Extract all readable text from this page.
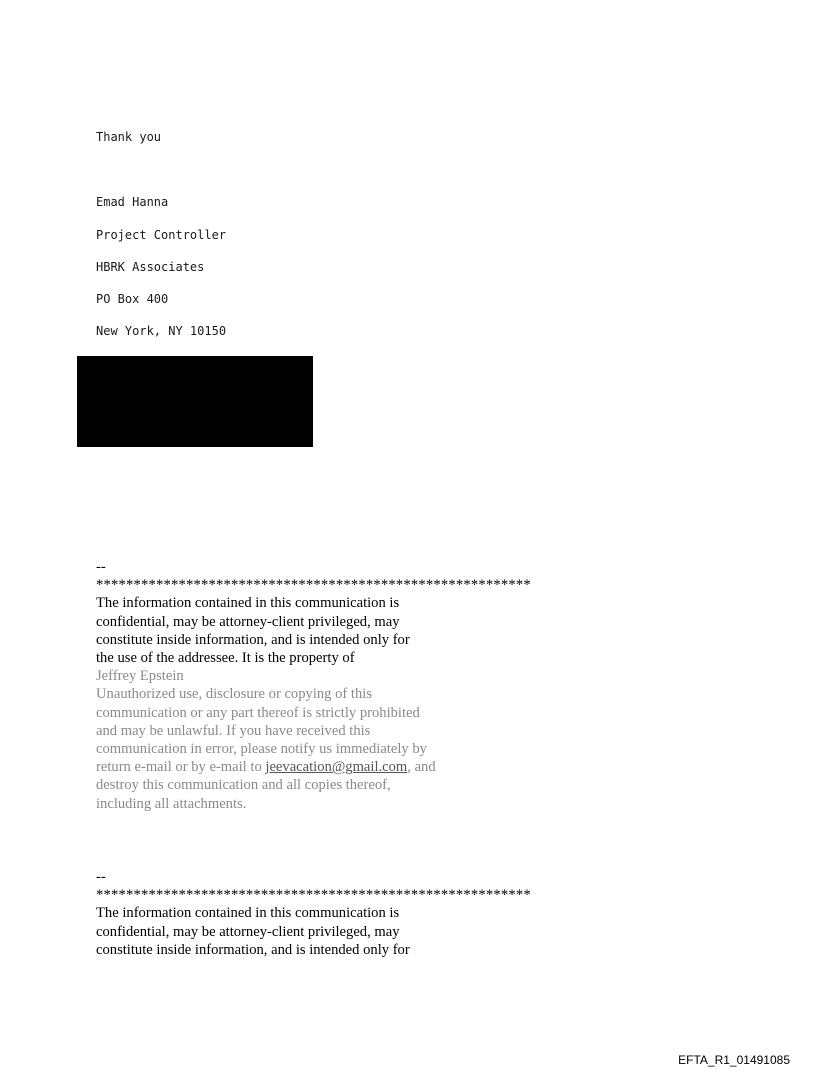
Thank you
Emad Hanna
Project Controller
HBRK Associates
PO Box 400
New York, NY 10150
--
**********************************************************
The information contained in this communication is
confidential, may be attorney-client privileged, may
constitute inside information, and is intended only for
the use of the addressee. It is the property of
Jeffrey Epstein
Unauthorized use, disclosure or copying of this
communication or any part thereof is strictly prohibited
and may be unlawful. If you have received this
communication in error, please notify us immediately by
return e-mail or by e-mail to jeevacation@gmail.com, and
destroy this communication and all copies thereof,
including all attachments.
--
**********************************************************
The information contained in this communication is
confidential, may be attorney-client privileged, may
constitute inside information, and is intended only for
EFTA_R1_01491085
